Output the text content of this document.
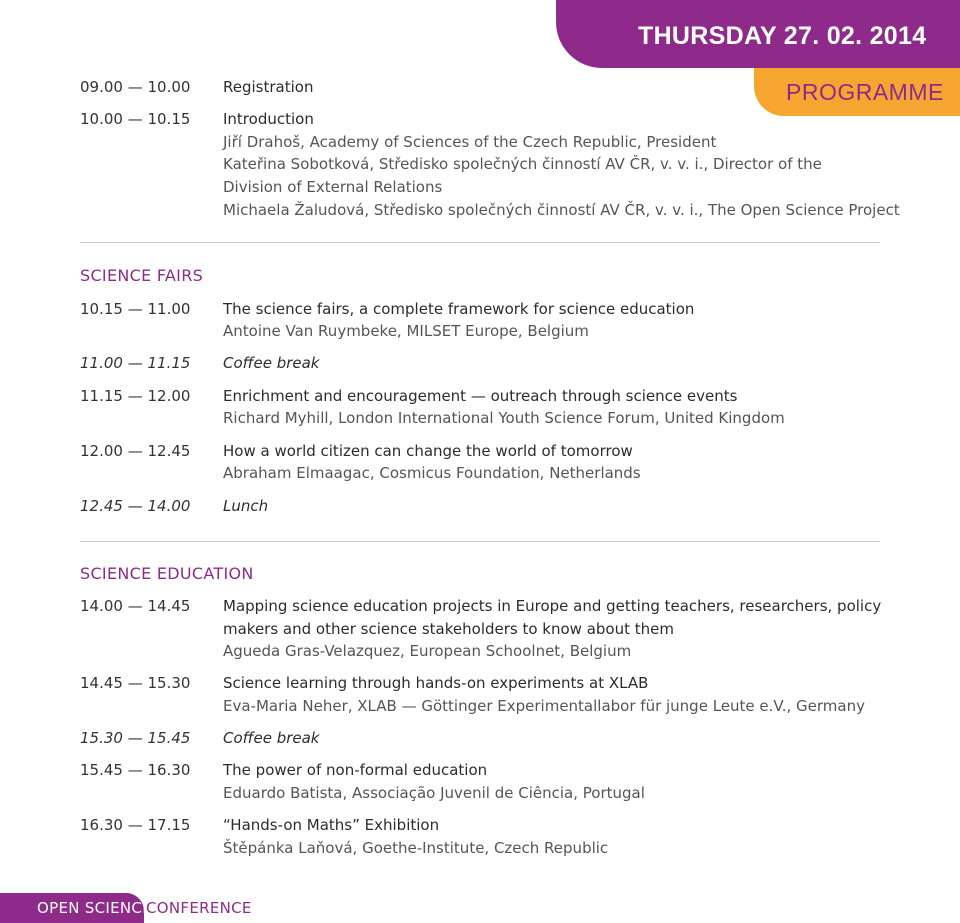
THURSDAY 27. 02. 2014
PROGRAMME
09.00 — 10.00 Registration
10.00 — 10.15 Introduction
Jiří Drahoš, Academy of Sciences of the Czech Republic, President
Kateřina Sobotková, Středisko společných činností AV ČR, v. v. i., Director of the
Division of External Relations
Michaela Žaludová, Středisko společných činností AV ČR, v. v. i., The Open Science Project
SCIENCE FAIRS
10.15 — 11.00 The science fairs, a complete framework for science education
Antoine Van Ruymbeke, MILSET Europe, Belgium
11.00 — 11.15 Coffee break
11.15 — 12.00 Enrichment and encouragement — outreach through science events
Richard Myhill, London International Youth Science Forum, United Kingdom
12.00 — 12.45 How a world citizen can change the world of tomorrow
Abraham Elmaagac, Cosmicus Foundation, Netherlands
12.45 — 14.00 Lunch
SCIENCE EDUCATION
14.00 — 14.45 Mapping science education projects in Europe and getting teachers, researchers, policy
makers and other science stakeholders to know about them
Agueda Gras-Velazquez, European Schoolnet, Belgium
14.45 — 15.30 Science learning through hands-on experiments at XLAB
Eva-Maria Neher, XLAB — Göttinger Experimentallabor für junge Leute e.V., Germany
15.30 — 15.45 Coffee break
15.45 — 16.30 The power of non-formal education
Eduardo Batista, Associação Juvenil de Ciência, Portugal
16.30 — 17.15 “Hands-on Maths” Exhibition
Štěpánka Laňová, Goethe-Institute, Czech Republic
OPEN SCIENCE
CONFERENCE
